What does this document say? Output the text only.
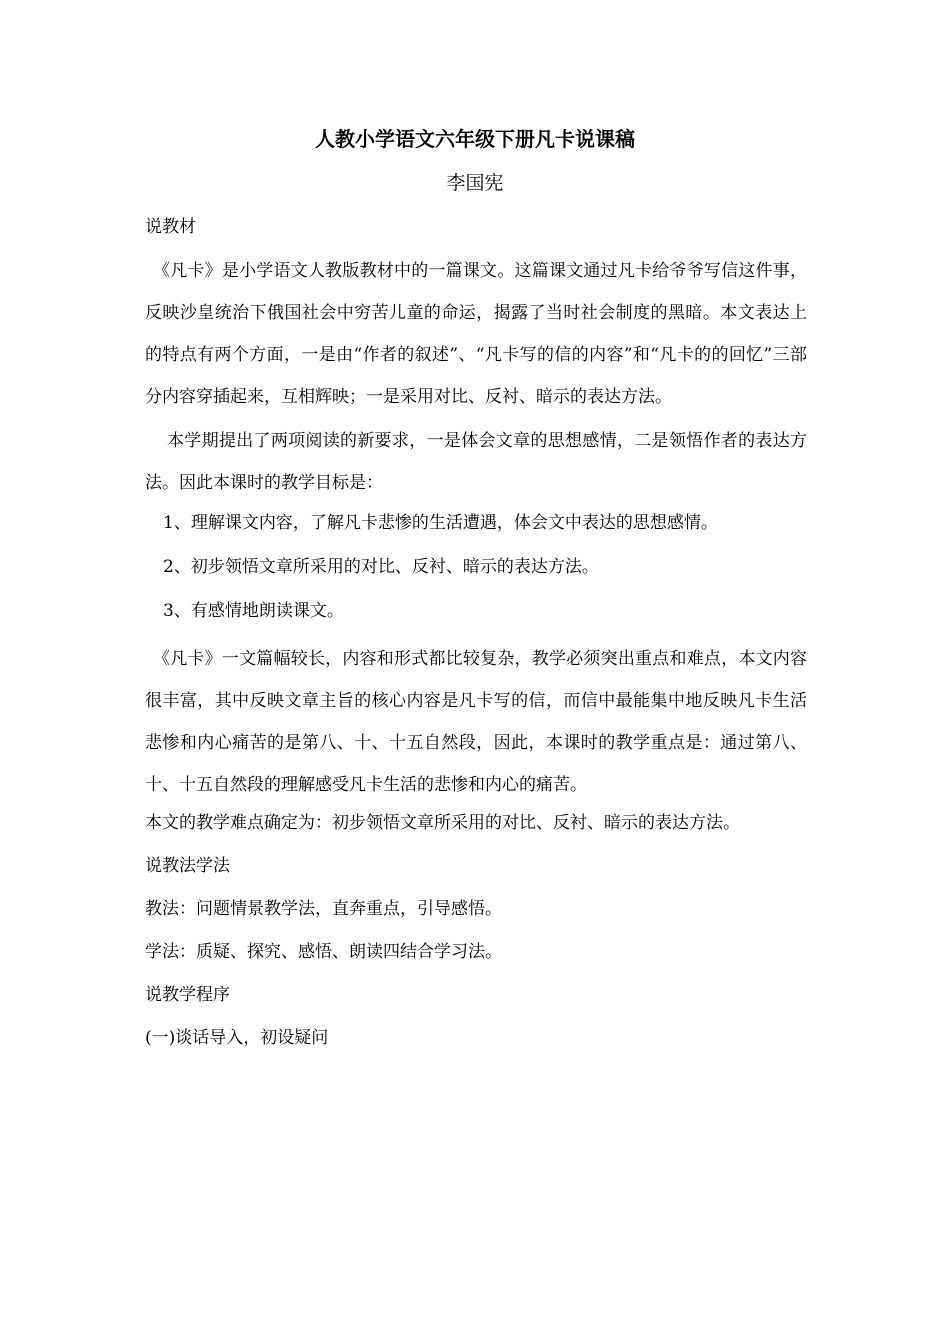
人教小学语文六年级下册凡卡说课稿
李国宪
说教材

《凡卡》是小学语文人教版教材中的一篇课文。这篇课文通过凡卡给爷爷写信这件事，反映沙皇统治下俄国社会中穷苦儿童的命运，揭露了当时社会制度的黑暗。本文表达上的特点有两个方面，一是由“作者的叙述”、“凡卡写的信的内容”和“凡卡的的回忆”三部分内容穿插起来，互相辉映；一是采用对比、反衬、暗示的表达方法。

本学期提出了两项阅读的新要求，一是体会文章的思想感情，二是领悟作者的表达方法。因此本课时的教学目标是：

1、理解课文内容，了解凡卡悲惨的生活遭遇，体会文中表达的思想感情。
2、初步领悟文章所采用的对比、反衬、暗示的表达方法。
3、有感情地朗读课文。

《凡卡》一文篇幅较长，内容和形式都比较复杂，教学必须突出重点和难点，本文内容很丰富，其中反映文章主旨的核心内容是凡卡写的信，而信中最能集中地反映凡卡生活悲惨和内心痛苦的是第八、十、十五自然段，因此，本课时的教学重点是：通过第八、十、十五自然段的理解感受凡卡生活的悲惨和内心的痛苦。

本文的教学难点确定为：初步领悟文章所采用的对比、反衬、暗示的表达方法。
说教法学法
教法：问题情景教学法，直奔重点，引导感悟。
学法：质疑、探究、感悟、朗读四结合学习法。
说教学程序
(一)谈话导入，初设疑问
